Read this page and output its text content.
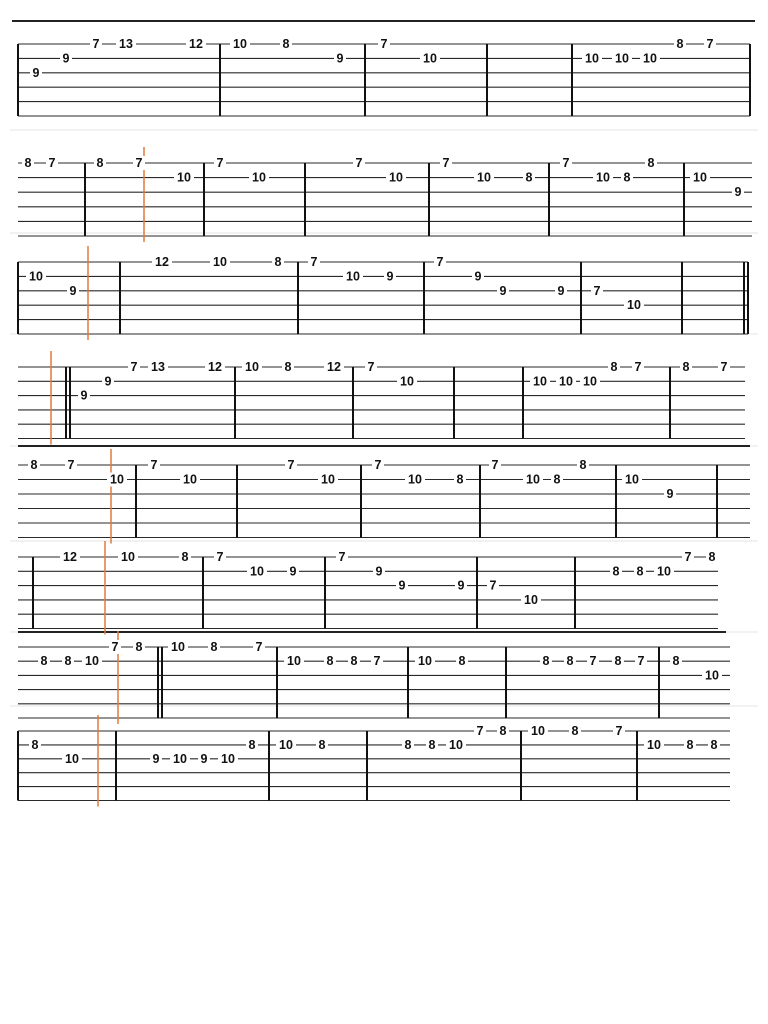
9
9
7 13	12 10	8
9
7
10	10 10 10
8 7
8 7	8	7
10
7
10
7
10
7
10	8
7
10 8
8
10
9
10
9
12	10	8 7
10 9
7
9
9	9 7
10
9
9
7 13	12 10 8	12 7
10	10 10 10
8 7	8 7
8 7
10
7
10
7
10
7
10	8
7
10 8
8
10
9
12	10	8 7
10 9
7
9
9	9 7
10
8 8 10
7 8
8 8 10
7 8 10 8	7
10 8 8 7	10 8	8 8 7 8 7 8
10
8
10	9 10 9 10
8 10 8	8 8 10
7 8 10 8	7
10 8 8
